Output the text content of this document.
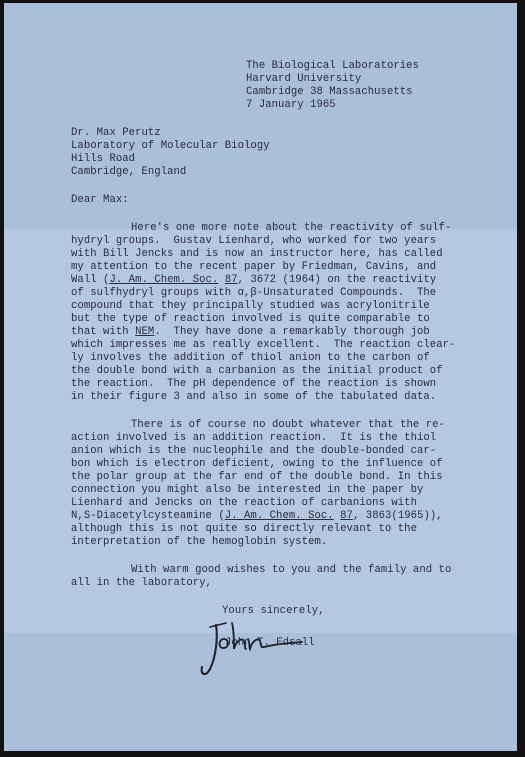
The Biological Laboratories
Harvard University
Cambridge 38 Massachusetts
7 January 1965
Dr. Max Perutz
Laboratory of Molecular Biology
Hills Road
Cambridge, England
Dear Max:
Here's one more note about the reactivity of sulf-
hydryl groups.  Gustav Lienhard, who worked for two years
with Bill Jencks and is now an instructor here, has called
my attention to the recent paper by Friedman, Cavins, and
Wall (J. Am. Chem. Soc. 87, 3672 (1964) on the reactivity
of sulfhydryl groups with α,β-Unsaturated Compounds.  The
compound that they principally studied was acrylonitrile
but the type of reaction involved is quite comparable to
that with NEM.  They have done a remarkably thorough job
which impresses me as really excellent.  The reaction clear-
ly involves the addition of thiol anion to the carbon of
the double bond with a carbanion as the initial product of
the reaction.  The pH dependence of the reaction is shown
in their figure 3 and also in some of the tabulated data.
There is of course no doubt whatever that the re-
action involved is an addition reaction.  It is the thiol
anion which is the nucleophile and the double-bonded car-
bon which is electron deficient, owing to the influence of
the polar group at the far end of the double bond. In this
connection you might also be interested in the paper by
Lienhard and Jencks on the reaction of carbanions with
N,S-Diacetylcysteamine (J. Am. Chem. Soc. 87, 3863(1965)),
although this is not quite so directly relevant to the
interpretation of the hemoglobin system.
With warm good wishes to you and the family and to
all in the laboratory,
Yours sincerely,
John T. Edsall
